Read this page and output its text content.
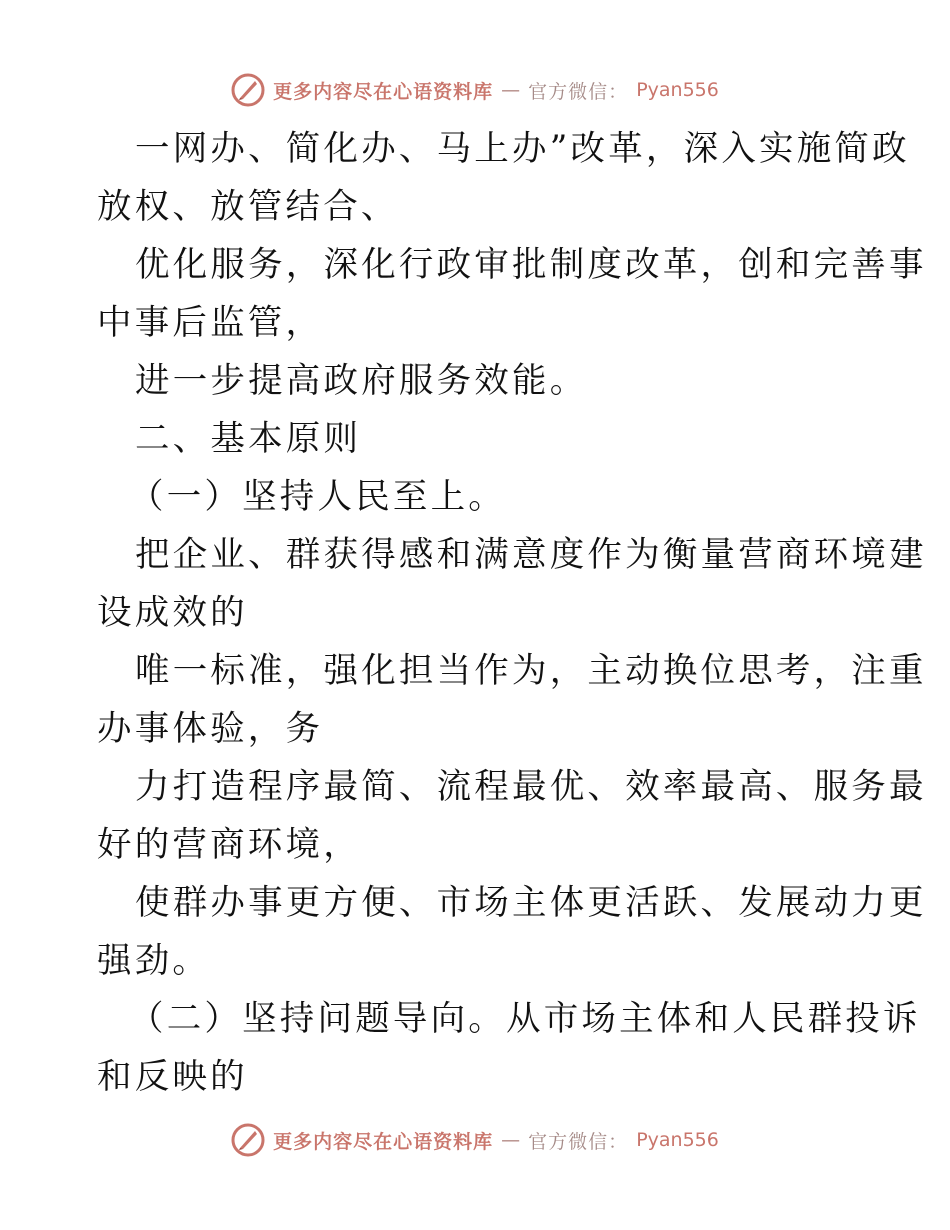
更多内容尽在心语资料库 — 官方微信： Pyan556
一网办、简化办、马上办”改革，深入实施简政
放权、放管结合、
优化服务，深化行政审批制度改革，创和完善事
中事后监管，
进一步提高政府服务效能。
二、基本原则
（一）坚持人民至上。
把企业、群获得感和满意度作为衡量营商环境建
设成效的
唯一标准，强化担当作为，主动换位思考，注重
办事体验，务
力打造程序最简、流程最优、效率最高、服务最
好的营商环境，
使群办事更方便、市场主体更活跃、发展动力更
强劲。
（二）坚持问题导向。从市场主体和人民群投诉
和反映的
更多内容尽在心语资料库 — 官方微信： Pyan556
